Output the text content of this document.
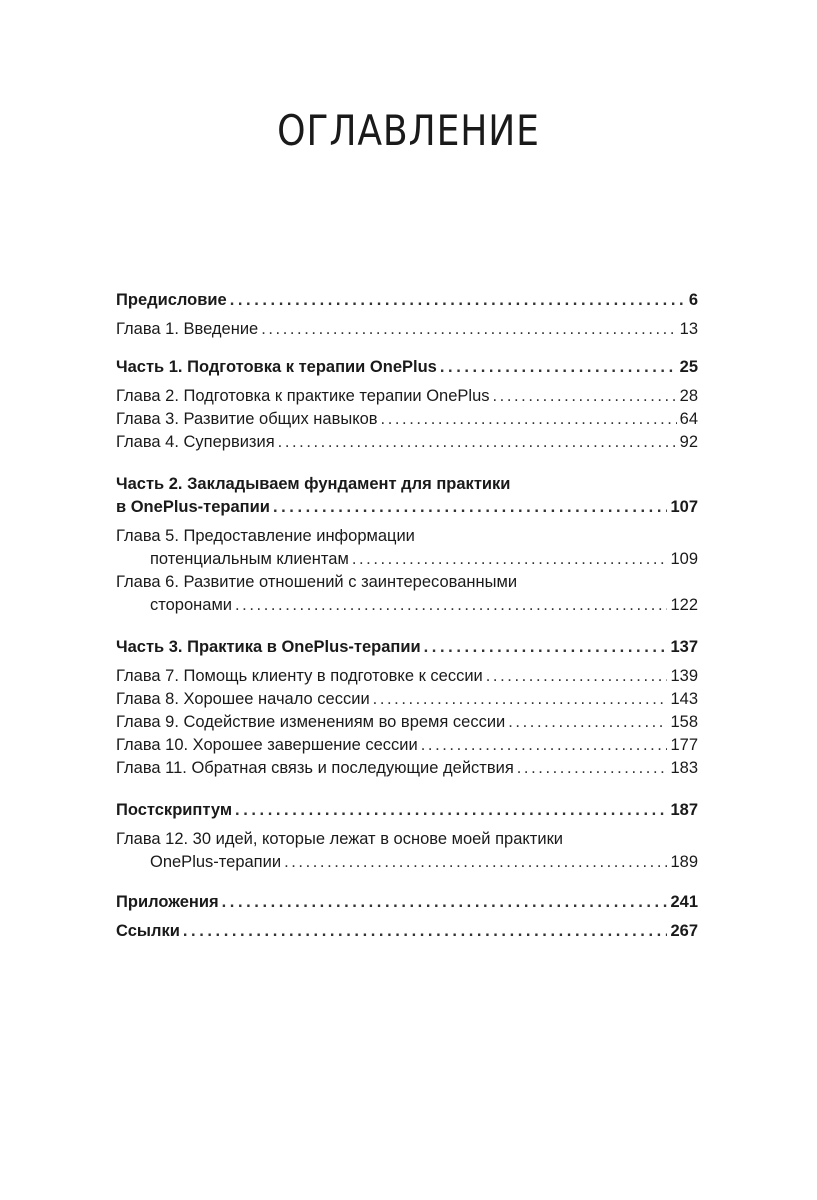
ОГЛАВЛЕНИЕ
Предисловие . . .	6
Глава 1. Введение . . .	13
Часть 1. Подготовка к терапии OnePlus . . .	25
Глава 2. Подготовка к практике терапии OnePlus . . .	28
Глава 3. Развитие общих навыков . . .	64
Глава 4. Супервизия . . .	92
Часть 2. Закладываем фундамент для практики
в OnePlus-терапии . . .	107
Глава 5. Предоставление информации
потенциальным клиентам . . .	109
Глава 6. Развитие отношений с заинтересованными
сторонами . . .	122
Часть 3. Практика в OnePlus-терапии . . .	137
Глава 7. Помощь клиенту в подготовке к сессии . . .	139
Глава 8. Хорошее начало сессии . . .	143
Глава 9. Содействие изменениям во время сессии . . .	158
Глава 10. Хорошее завершение сессии . . .	177
Глава 11. Обратная связь и последующие действия . . .	183
Постскриптум . . .	187
Глава 12. 30 идей, которые лежат в основе моей практики
OnePlus-терапии . . .	189
Приложения . . .	241
Ссылки . . .	267
